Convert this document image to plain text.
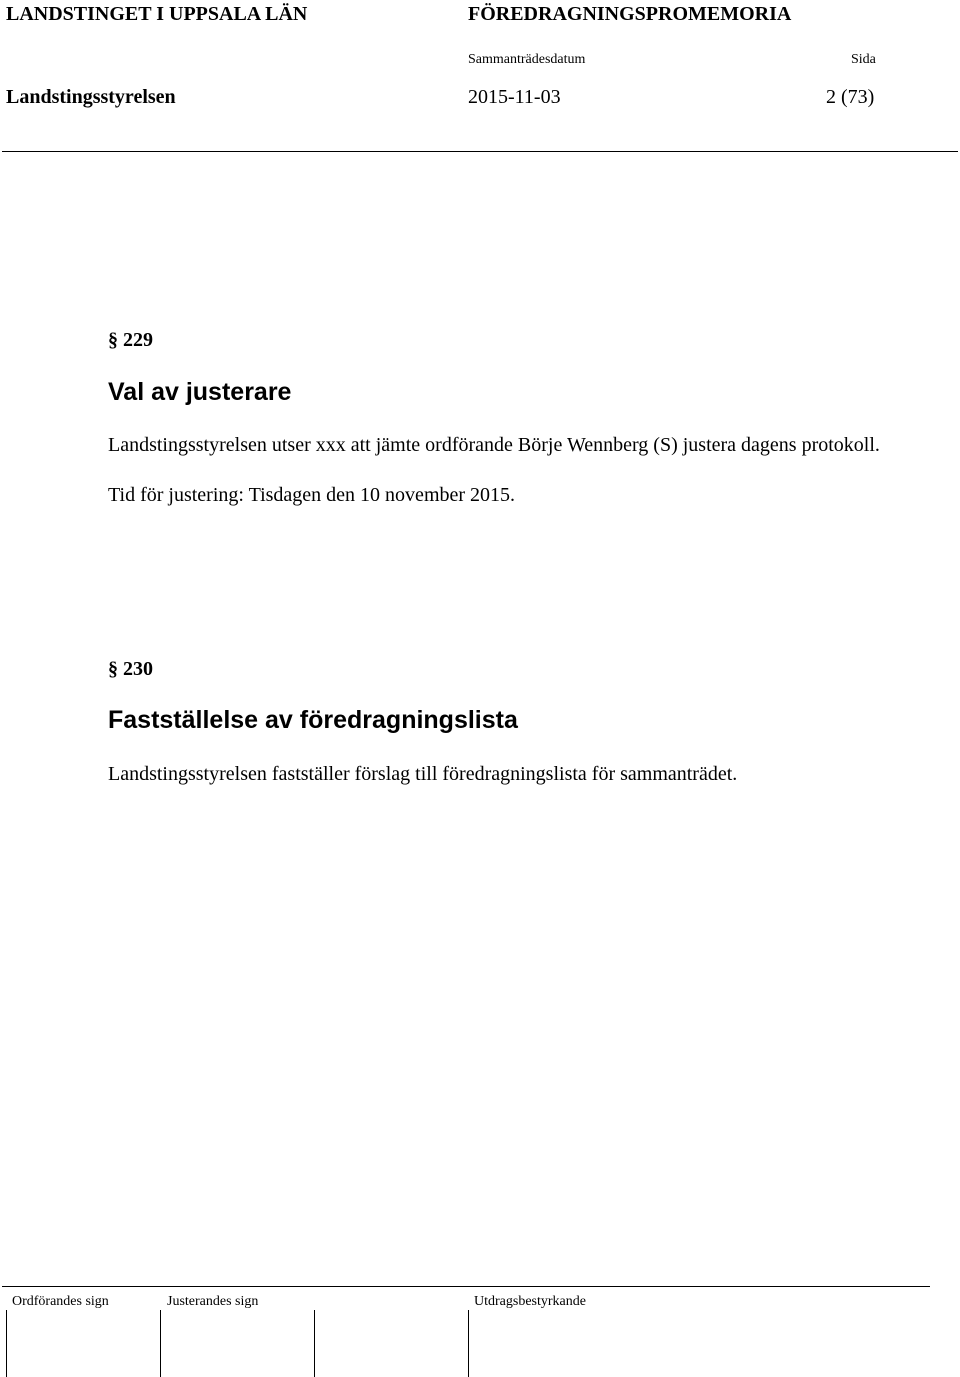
LANDSTINGET I UPPSALA LÄN	FÖREDRAGNINGSPROMEMORIA
Sammanträdesdatum	Sida
Landstingsstyrelsen	2015-11-03	2 (73)
§ 229
Val av justerare
Landstingsstyrelsen utser xxx att jämte ordförande Börje Wennberg (S) justera dagens protokoll.
Tid för justering: Tisdagen den 10 november 2015.
§ 230
Fastställelse av föredragningslista
Landstingsstyrelsen fastställer förslag till föredragningslista för sammanträdet.
Ordförandes sign	Justerandes sign	Utdragsbestyrkande
